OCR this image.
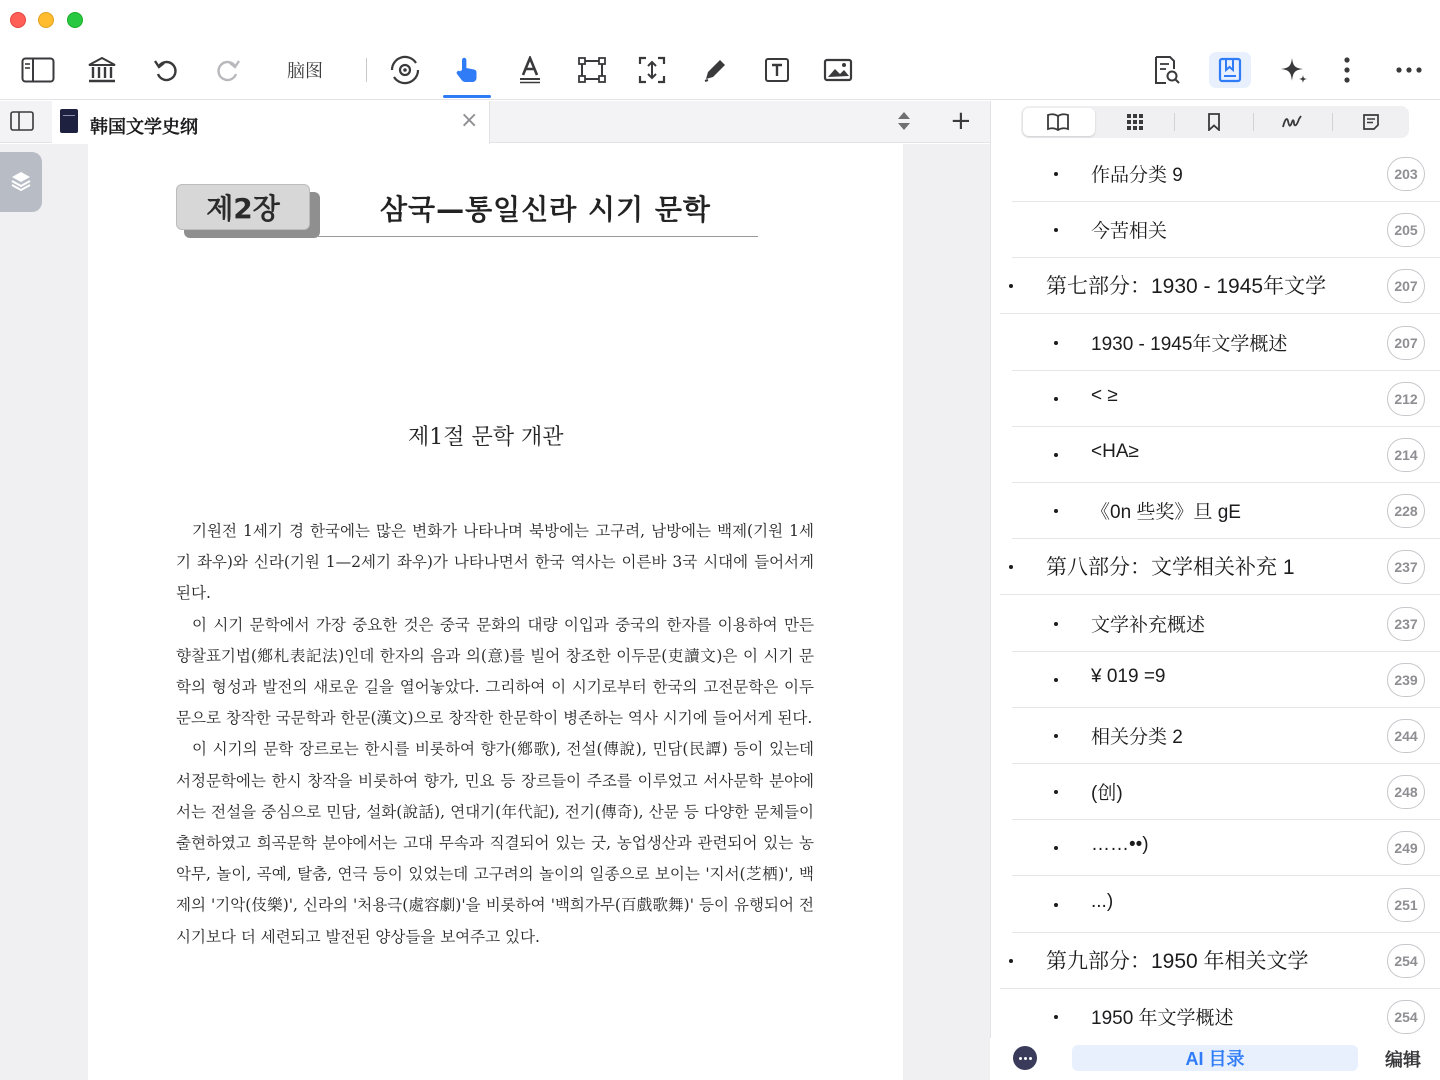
脑图
韩国文学史纲	×	+
제2장	삼국—통일신라 시기 문학
제1절 문학 개관

기원전 1세기 경 한국에는 많은 변화가 나타나며 북방에는 고구려, 남방에는 백제(기원 1세기 좌우)와 신라(기원 1—2세기 좌우)가 나타나면서 한국 역사는 이른바 3국 시대에 들어서게 된다.

이 시기 문학에서 가장 중요한 것은 중국 문화의 대량 이입과 중국의 한자를 이용하여 만든 향찰표기법(鄕札表記法)인데 한자의 음과 의(意)를 빌어 창조한 이두문(吏讀文)은 이 시기 문학의 형성과 발전의 새로운 길을 열어놓았다. 그리하여 이 시기로부터 한국의 고전문학은 이두문으로 창작한 국문학과 한문(漢文)으로 창작한 한문학이 병존하는 역사 시기에 들어서게 된다.

이 시기의 문학 장르로는 한시를 비롯하여 향가(鄕歌), 전설(傳說), 민담(民譚) 등이 있는데 서정문학에는 한시 창작을 비롯하여 향가, 민요 등 장르들이 주조를 이루었고 서사문학 분야에서는 전설을 중심으로 민담, 설화(說話), 연대기(年代記), 전기(傳奇), 산문 등 다양한 문체들이 출현하였고 희곡문학 분야에서는 고대 무속과 직결되어 있는 굿, 농업생산과 관련되어 있는 농악무, 놀이, 곡예, 탈춤, 연극 등이 있었는데 고구려의 놀이의 일종으로 보이는 '지서(芝栖)', 백제의 '기악(伎樂)', 신라의 '처용극(處容劇)'을 비롯하여 '백희가무(百戲歌舞)' 등이 유행되어 전 시기보다 더 세련되고 발전된 양상들을 보여주고 있다.

作品分类 9	203
今苦相关	205
第七部分：1930 - 1945年文学	207
1930 - 1945年文学概述	207
< ≥	212
<HA≥	214
《0n 些奖》旦 gE	228
第八部分：文学相关补充 1	237
文学补充概述	237
¥ 019 =9	239
相关分类 2	244
(创)	248
……••)	249
...)	251
第九部分：1950 年相关文学	254
1950 年文学概述	254
AI 目录	编辑
